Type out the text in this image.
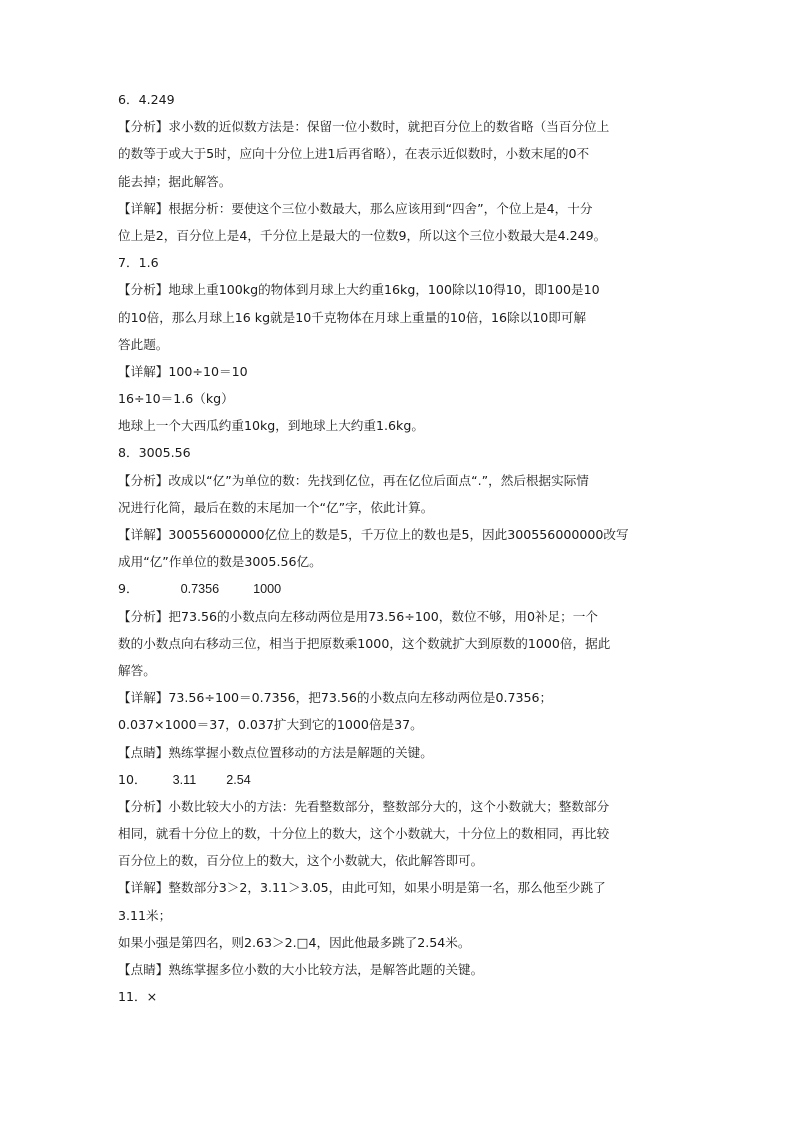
6．4.249
【分析】求小数的近似数方法是：保留一位小数时，就把百分位上的数省略（当百分位上
的数等于或大于5时，应向十分位上进1后再省略），在表示近似数时，小数末尾的0不
能去掉；据此解答。
【详解】根据分析：要使这个三位小数最大，那么应该用到“四舍”，个位上是4，十分
位上是2，百分位上是4，千分位上是最大的一位数9，所以这个三位小数最大是4.249。
7．1.6
【分析】地球上重100kg的物体到月球上大约重16kg，100除以10得10，即100是10
的10倍，那么月球上16 kg就是10千克物体在月球上重量的10倍，16除以10即可解
答此题。
【详解】100÷10＝10
16÷10＝1.6（kg）
地球上一个大西瓜约重10kg，到地球上大约重1.6kg。
8．3005.56
【分析】改成以“亿”为单位的数：先找到亿位，再在亿位后面点“.”，然后根据实际情
况进行化简，最后在数的末尾加一个“亿”字，依此计算。
【详解】300556000000亿位上的数是5，千万位上的数也是5，因此300556000000改写
成用“亿”作单位的数是3005.56亿。
9．	0.7356	1000
【分析】把73.56的小数点向左移动两位是用73.56÷100，数位不够，用0补足；一个
数的小数点向右移动三位，相当于把原数乘1000，这个数就扩大到原数的1000倍，据此
解答。
【详解】73.56÷100＝0.7356，把73.56的小数点向左移动两位是0.7356；
0.037×1000＝37，0.037扩大到它的1000倍是37。
【点睛】熟练掌握小数点位置移动的方法是解题的关键。
10． 3.11 2.54
【分析】小数比较大小的方法：先看整数部分，整数部分大的，这个小数就大；整数部分
相同，就看十分位上的数，十分位上的数大，这个小数就大，十分位上的数相同，再比较
百分位上的数，百分位上的数大，这个小数就大，依此解答即可。
【详解】整数部分3＞2，3.11＞3.05，由此可知，如果小明是第一名，那么他至少跳了
3.11米；
如果小强是第四名，则2.63＞2.□4，因此他最多跳了2.54米。
【点睛】熟练掌握多位小数的大小比较方法，是解答此题的关键。
11．×
